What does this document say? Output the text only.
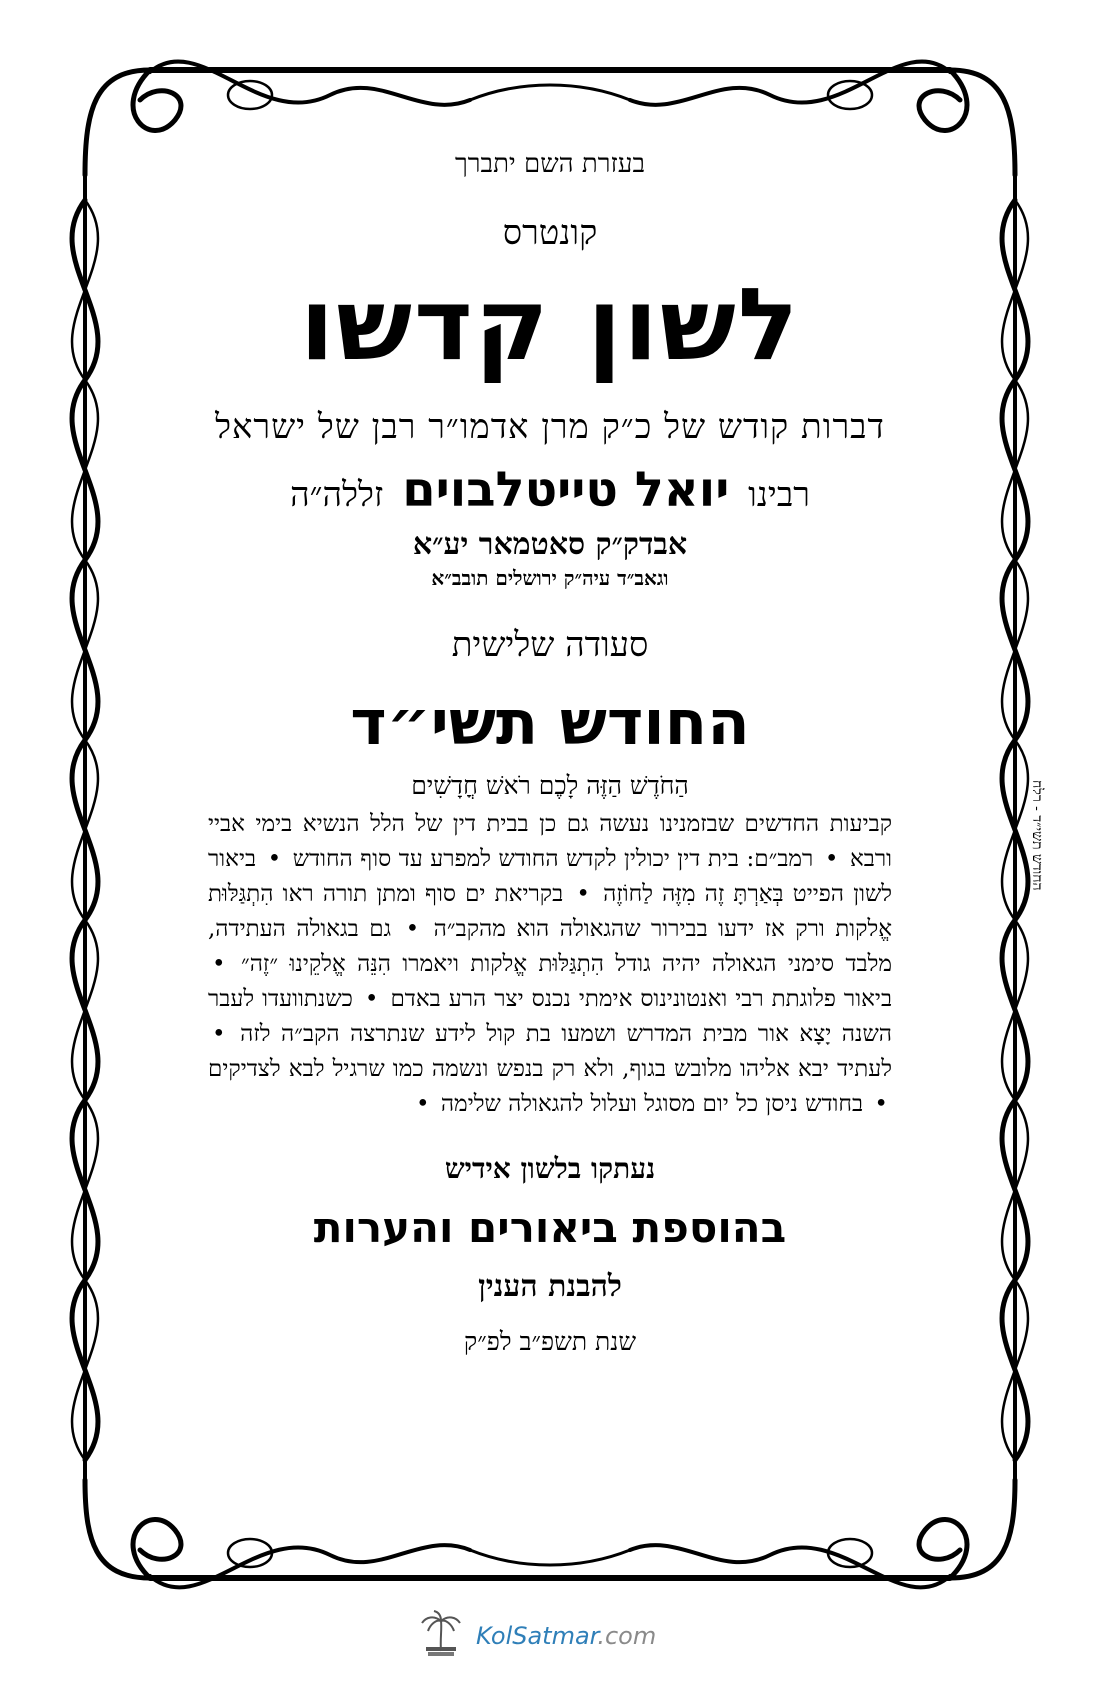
בעזרת השם יתברך
קונטרס
לשון קדשו
דברות קודש של כ״ק מרן אדמו״ר רבן של ישראל
רבינו יואל טייטלבוים זללה״ה
אבדק״ק סאטמאר יע״א
וגאב״ד עיה״ק ירושלים תובב״א
סעודה שלישית
החודש תשי״ד
הַחֹדֶשׁ הַזֶּה לָכֶם רֹאשׁ חֳדָשִׁים

קביעות החדשים שבזמנינו נעשה גם כן בבית דין של הלל הנשיא בימי אביי ורבא • רמב״ם: בית דין יכולין לקדש החודש למפרע עד סוף החודש • ביאור לשון הפייט בְּאַרְתָּ זֶה מִזֶּה לַחוֹזֶה • בקריאת ים סוף ומתן תורה ראו הִתְגַּלּוּת אֱלקות ורק אז ידעו בבירור שהגאולה הוא מהקב״ה • גם בגאולה העתידה, מלבד סימני הגאולה יהיה גודל הִתְגַּלּוּת אֱלקות ויאמרו הִנֵּה אֱלקֵינוּ ״זֶה״ • ביאור פלוגתת רבי ואנטונינוס אימתי נכנס יצר הרע באדם • כשנתוועדו לעבר השנה יָצָא אור מבית המדרש ושמעו בת קול לידע שנתרצה הקב״ה לזה • לעתיד יבא אליהו מלובש בגוף, ולא רק בנפש ונשמה כמו שרגיל לבא לצדיקים • בחודש ניסן כל יום מסוגל ועלול להגאולה שלימה •

נעתקו בלשון אידיש
בהוספת ביאורים והערות
להבנת הענין
שנת תשפ״ב לפ״ק
החודש תשי״ד - רלח
KolSatmar.com
